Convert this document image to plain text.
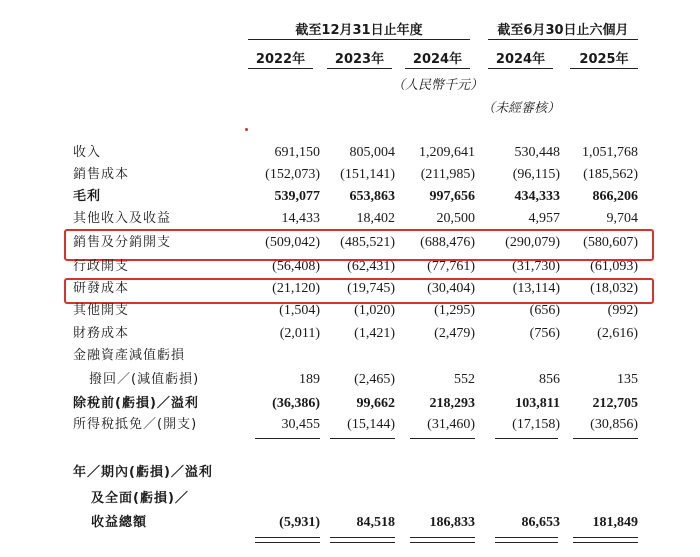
截至12月31日止年度	截至6月30日止六個月
2022年	2023年	2024年	2024年	2025年
（人民幣千元）
（未經審核）
收入	691,150	805,004	1,209,641	530,448	1,051,768
銷售成本	(152,073)	(151,141)	(211,985)	(96,115)	(185,562)
毛利	539,077	653,863	997,656	434,333	866,206
其他收入及收益	14,433	18,402	20,500	4,957	9,704
銷售及分銷開支	(509,042)	(485,521)	(688,476)	(290,079)	(580,607)
行政開支	(56,408)	(62,431)	(77,761)	(31,730)	(61,093)
研發成本	(21,120)	(19,745)	(30,404)	(13,114)	(18,032)
其他開支	(1,504)	(1,020)	(1,295)	(656)	(992)
財務成本	(2,011)	(1,421)	(2,479)	(756)	(2,616)
金融資產減值虧損
撥回／(減值虧損)	189	(2,465)	552	856	135
除稅前(虧損)／溢利	(36,386)	99,662	218,293	103,811	212,705
所得稅抵免／(開支)	30,455	(15,144)	(31,460)	(17,158)	(30,856)
年／期內(虧損)／溢利
及全面(虧損)／
收益總額	(5,931)	84,518	186,833	86,653	181,849
